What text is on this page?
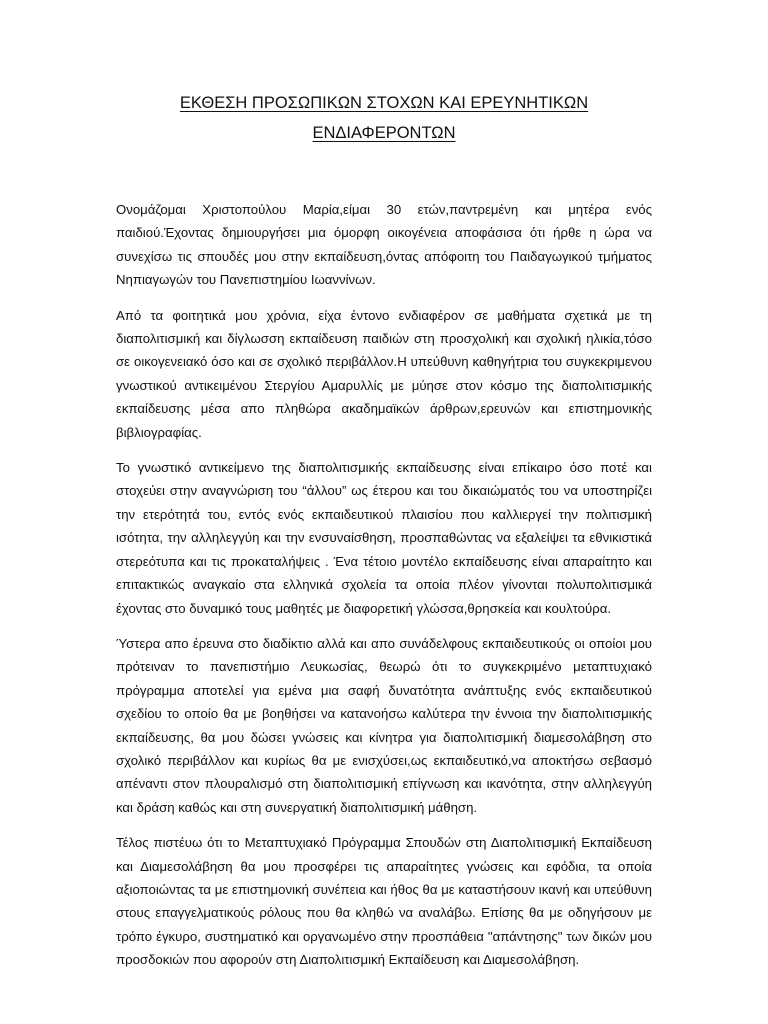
ΕΚΘΕΣΗ ΠΡΟΣΩΠΙΚΩΝ ΣΤΟΧΩΝ ΚΑΙ ΕΡΕΥΝΗΤΙΚΩΝ
ΕΝΔΙΑΦΕΡΟΝΤΩΝ

Ονομάζομαι Χριστοπούλου Μαρία,είμαι 30 ετών,παντρεμένη και μητέρα ενός παιδιού.Έχοντας δημιουργήσει μια όμορφη οικογένεια αποφάσισα ότι ήρθε η ώρα να συνεχίσω τις σπουδές μου στην εκπαίδευση,όντας απόφοιτη του Παιδαγωγικού τμήματος Νηπιαγωγών του Πανεπιστημίου Ιωαννίνων.

Από τα φοιτητικά μου χρόνια, είχα έντονο ενδιαφέρον σε μαθήματα σχετικά με τη διαπολιτισμική και δίγλωσση εκπαίδευση παιδιών στη προσχολική και σχολική ηλικία,τόσο σε οικογενειακό όσο και σε σχολικό περιβάλλον.Η υπεύθυνη καθηγήτρια του συγκεκριμενου γνωστικού αντικειμένου Στεργίου Αμαρυλλίς με μύησε στον κόσμο της διαπολιτισμικής εκπαίδευσης μέσα απο πληθώρα ακαδημαϊκών άρθρων,ερευνών και επιστημονικής βιβλιογραφίας.

Το γνωστικό αντικείμενο της διαπολιτισμικής εκπαίδευσης είναι επίκαιρο όσο ποτέ και στοχεύει στην αναγνώριση του “άλλου” ως έτερου και του δικαιώματός του να υποστηρίζει την ετερότητά του, εντός ενός εκπαιδευτικού πλαισίου που καλλιεργεί την πολιτισμική ισότητα, την αλληλεγγύη και την ενσυναίσθηση, προσπαθώντας να εξαλείψει τα εθνικιστικά στερεότυπα και τις προκαταλήψεις . Ένα τέτοιο μοντέλο εκπαίδευσης είναι απαραίτητο και επιτακτικώς αναγκαίο στα ελληνικά σχολεία τα οποία πλέον γίνονται πολυπολιτισμικά έχοντας στο δυναμικό τους μαθητές με διαφορετική γλώσσα,θρησκεία και κουλτούρα.

Ύστερα απο έρευνα στο διαδίκτιο αλλά και απο συνάδελφους εκπαιδευτικούς οι οποίοι μου πρότειναν το πανεπιστήμιο Λευκωσίας, θεωρώ ότι το συγκεκριμένο μεταπτυχιακό πρόγραμμα αποτελεί για εμένα μια σαφή δυνατότητα ανάπτυξης ενός εκπαιδευτικού σχεδίου το οποίο θα με βοηθήσει να κατανοήσω καλύτερα την έννοια την διαπολιτισμικής εκπαίδευσης, θα μου δώσει γνώσεις και κίνητρα για διαπολιτισμική διαμεσολάβηση στο σχολικό περιβάλλον και κυρίως θα με ενισχύσει,ως εκπαιδευτικό,να αποκτήσω σεβασμό απέναντι στον πλουραλισμό στη διαπολιτισμική επίγνωση και ικανότητα, στην αλληλεγγύη και δράση καθώς και στη συνεργατική διαπολιτισμική μάθηση.

Τέλος πιστέυω ότι το Μεταπτυχιακό Πρόγραμμα Σπουδών στη Διαπολιτισμική Εκπαίδευση και Διαμεσολάβηση θα μου προσφέρει τις απαραίτητες γνώσεις και εφόδια, τα οποία αξιοποιώντας τα με επιστημονική συνέπεια και ήθος θα με καταστήσουν ικανή και υπεύθυνη στους επαγγελματικούς ρόλους που θα κληθώ να αναλάβω. Επίσης θα με οδηγήσουν με τρόπο έγκυρο, συστηματικό και οργανωμένο στην προσπάθεια "απάντησης" των δικών μου προσδοκιών που αφορούν στη Διαπολιτισμική Εκπαίδευση και Διαμεσολάβηση.
